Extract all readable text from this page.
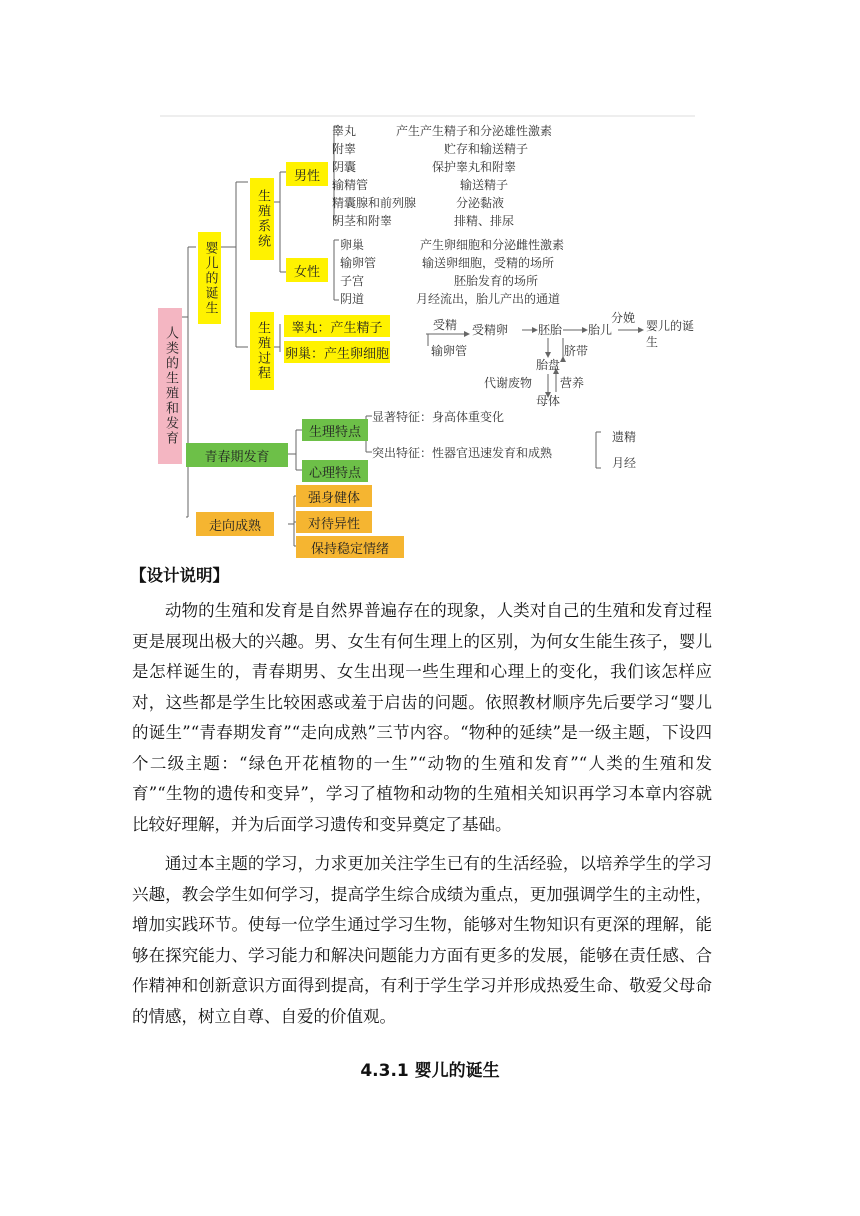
人类的生殖和发育
婴儿的诞生
生殖系统
男性
女性
睾丸	产生产生精子和分泌雄性激素
附睾	贮存和输送精子
阴囊	保护睾丸和附睾
输精管	输送精子
精囊腺和前列腺	分泌黏液
阴茎和附睾	排精、排尿
卵巢	产生卵细胞和分泌雌性激素
输卵管	输送卵细胞，受精的场所
子宫	胚胎发育的场所
阴道	月经流出，胎儿产出的通道
生殖过程 睾丸：产生精子
卵巢：产生卵细胞
受精
输卵管
受精卵 胚胎 胎儿
分娩
婴儿的诞生
胎盘
脐带
代谢废物 营养
母体
青春期发育
生理特点
心理特点
显著特征：身高体重变化
突出特征：性器官迅速发育和成熟
遗精
月经
走向成熟
强身健体
对待异性
保持稳定情绪
【设计说明】

动物的生殖和发育是自然界普遍存在的现象，人类对自己的生殖和发育过程更是展现出极大的兴趣。男、女生有何生理上的区别，为何女生能生孩子，婴儿是怎样诞生的，青春期男、女生出现一些生理和心理上的变化，我们该怎样应对，这些都是学生比较困惑或羞于启齿的问题。依照教材顺序先后要学习“婴儿的诞生”“青春期发育”“走向成熟”三节内容。“物种的延续”是一级主题，下设四个二级主题：“绿色开花植物的一生”“动物的生殖和发育”“人类的生殖和发育”“生物的遗传和变异”，学习了植物和动物的生殖相关知识再学习本章内容就比较好理解，并为后面学习遗传和变异奠定了基础。

通过本主题的学习，力求更加关注学生已有的生活经验，以培养学生的学习兴趣，教会学生如何学习，提高学生综合成绩为重点，更加强调学生的主动性，增加实践环节。使每一位学生通过学习生物，能够对生物知识有更深的理解，能够在探究能力、学习能力和解决问题能力方面有更多的发展，能够在责任感、合作精神和创新意识方面得到提高，有利于学生学习并形成热爱生命、敬爱父母命的情感，树立自尊、自爱的价值观。

4.3.1 婴儿的诞生
